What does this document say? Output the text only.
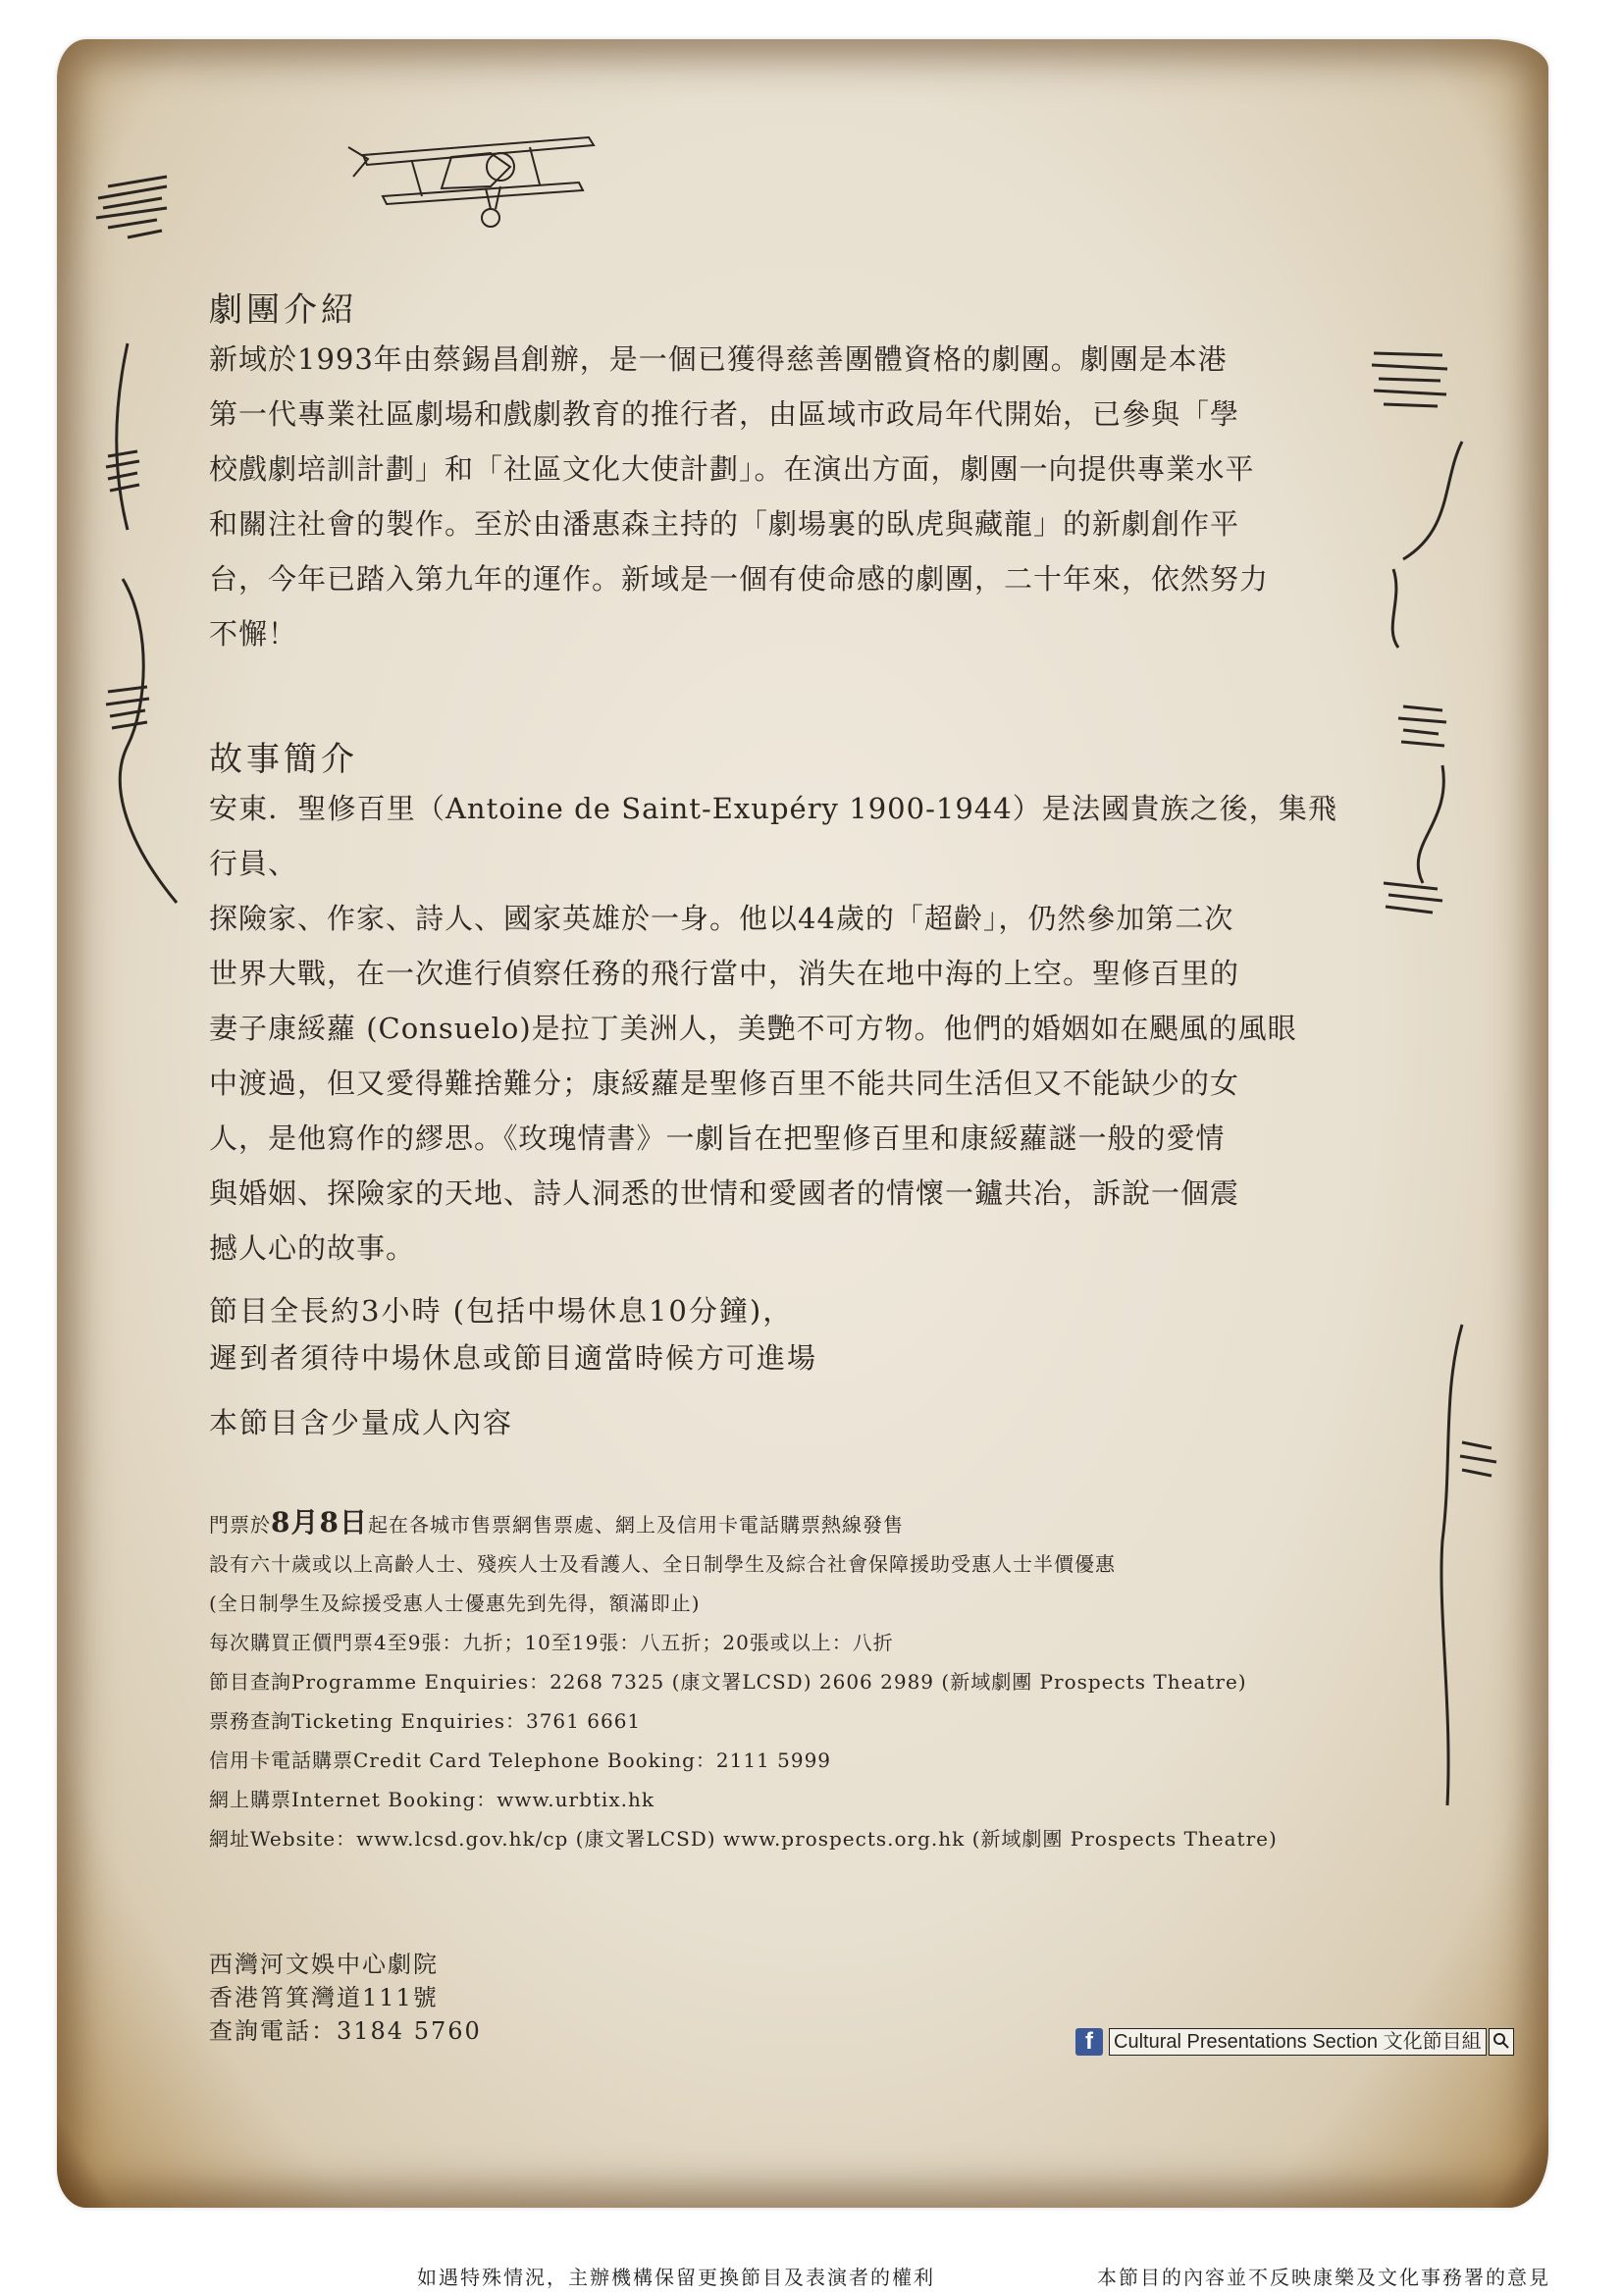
劇團介紹
新域於1993年由蔡錫昌創辦，是一個已獲得慈善團體資格的劇團。劇團是本港
第一代專業社區劇場和戲劇教育的推行者，由區域市政局年代開始，已參與「學
校戲劇培訓計劃」和「社區文化大使計劃」。在演出方面，劇團一向提供專業水平
和關注社會的製作。至於由潘惠森主持的「劇場裏的臥虎與藏龍」的新劇創作平
台，今年已踏入第九年的運作。新域是一個有使命感的劇團，二十年來，依然努力
不懈！
故事簡介
安東．聖修百里（Antoine de Saint-Exupéry 1900-1944）是法國貴族之後，集飛行員、
探險家、作家、詩人、國家英雄於一身。他以44歲的「超齡」，仍然參加第二次
世界大戰，在一次進行偵察任務的飛行當中，消失在地中海的上空。聖修百里的
妻子康綏蘿 (Consuelo)是拉丁美洲人，美艷不可方物。他們的婚姻如在颶風的風眼
中渡過，但又愛得難捨難分；康綏蘿是聖修百里不能共同生活但又不能缺少的女
人，是他寫作的繆思。《玫瑰情書》一劇旨在把聖修百里和康綏蘿謎一般的愛情
與婚姻、探險家的天地、詩人洞悉的世情和愛國者的情懷一鑪共冶，訴說一個震
撼人心的故事。
節目全長約3小時 (包括中場休息10分鐘)，
遲到者須待中場休息或節目適當時候方可進場
本節目含少量成人內容
門票於8月8日起在各城市售票網售票處、網上及信用卡電話購票熱線發售
設有六十歲或以上高齡人士、殘疾人士及看護人、全日制學生及綜合社會保障援助受惠人士半價優惠
(全日制學生及綜援受惠人士優惠先到先得，額滿即止)
每次購買正價門票4至9張：九折；10至19張：八五折；20張或以上：八折
節目查詢Programme Enquiries：2268 7325 (康文署LCSD) 2606 2989 (新域劇團 Prospects Theatre)
票務查詢Ticketing Enquiries：3761 6661
信用卡電話購票Credit Card Telephone Booking：2111 5999
網上購票Internet Booking：www.urbtix.hk
網址Website：www.lcsd.gov.hk/cp (康文署LCSD) www.prospects.org.hk (新域劇團 Prospects Theatre)
西灣河文娛中心劇院
香港筲箕灣道111號
查詢電話：3184 5760	f	Cultural Presentations Section 文化節目組
如遇特殊情況，主辦機構保留更換節目及表演者的權利	本節目的內容並不反映康樂及文化事務署的意見
